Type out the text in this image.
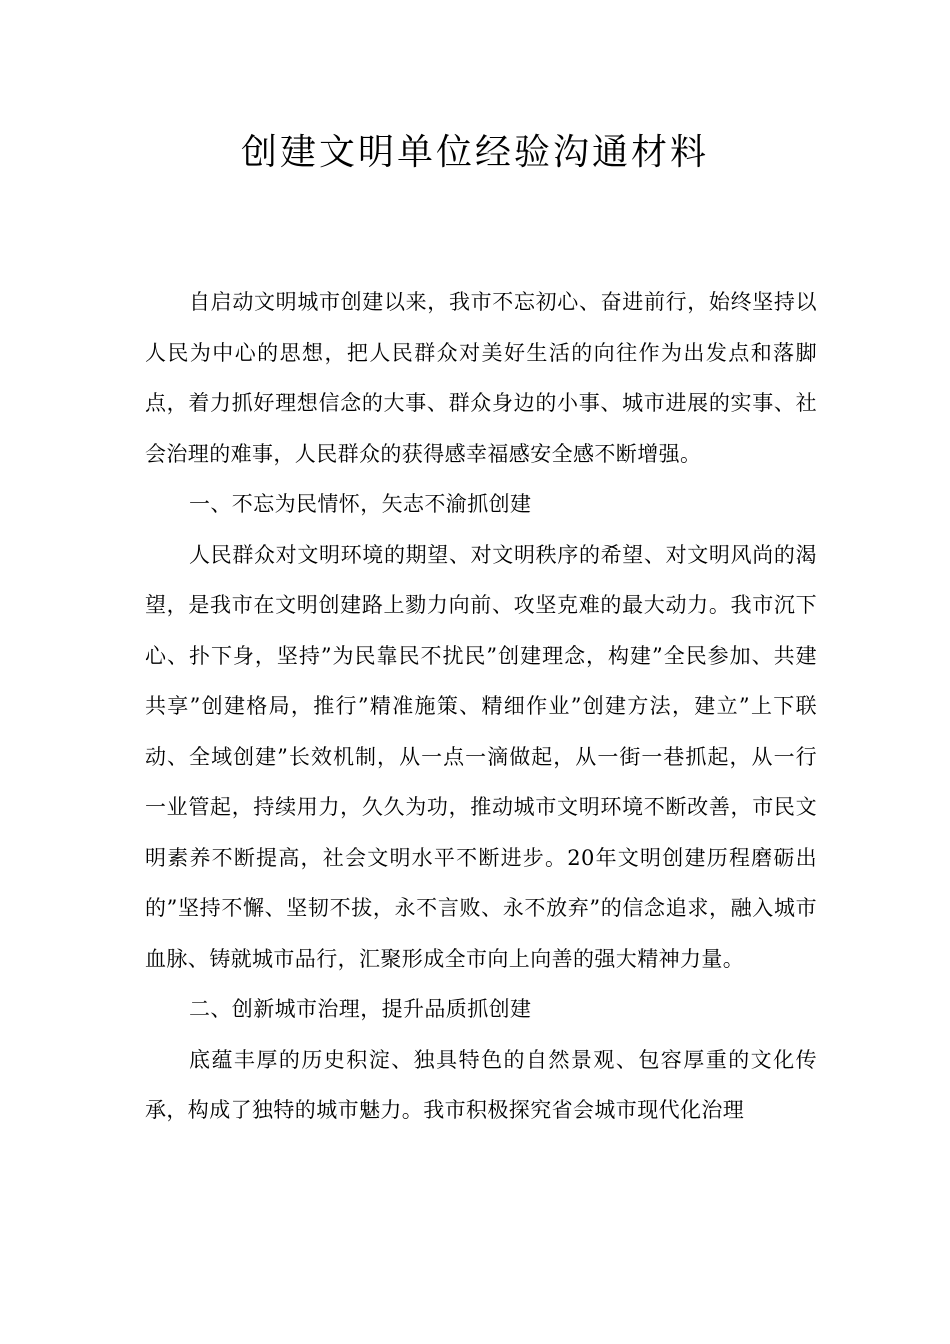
创建文明单位经验沟通材料

自启动文明城市创建以来，我市不忘初心、奋进前行，始终坚持以人民为中心的思想，把人民群众对美好生活的向往作为出发点和落脚点，着力抓好理想信念的大事、群众身边的小事、城市进展的实事、社会治理的难事，人民群众的获得感幸福感安全感不断增强。

一、不忘为民情怀，矢志不渝抓创建

人民群众对文明环境的期望、对文明秩序的希望、对文明风尚的渴望，是我市在文明创建路上勠力向前、攻坚克难的最大动力。我市沉下心、扑下身，坚持”为民靠民不扰民”创建理念，构建”全民参加、共建共享”创建格局，推行”精准施策、精细作业”创建方法，建立”上下联动、全域创建”长效机制，从一点一滴做起，从一街一巷抓起，从一行一业管起，持续用力，久久为功，推动城市文明环境不断改善，市民文明素养不断提高，社会文明水平不断进步。20年文明创建历程磨砺出的”坚持不懈、坚韧不拔，永不言败、永不放弃”的信念追求，融入城市血脉、铸就城市品行，汇聚形成全市向上向善的强大精神力量。

二、创新城市治理，提升品质抓创建

底蕴丰厚的历史积淀、独具特色的自然景观、包容厚重的文化传承，构成了独特的城市魅力。我市积极探究省会城市现代化治理
